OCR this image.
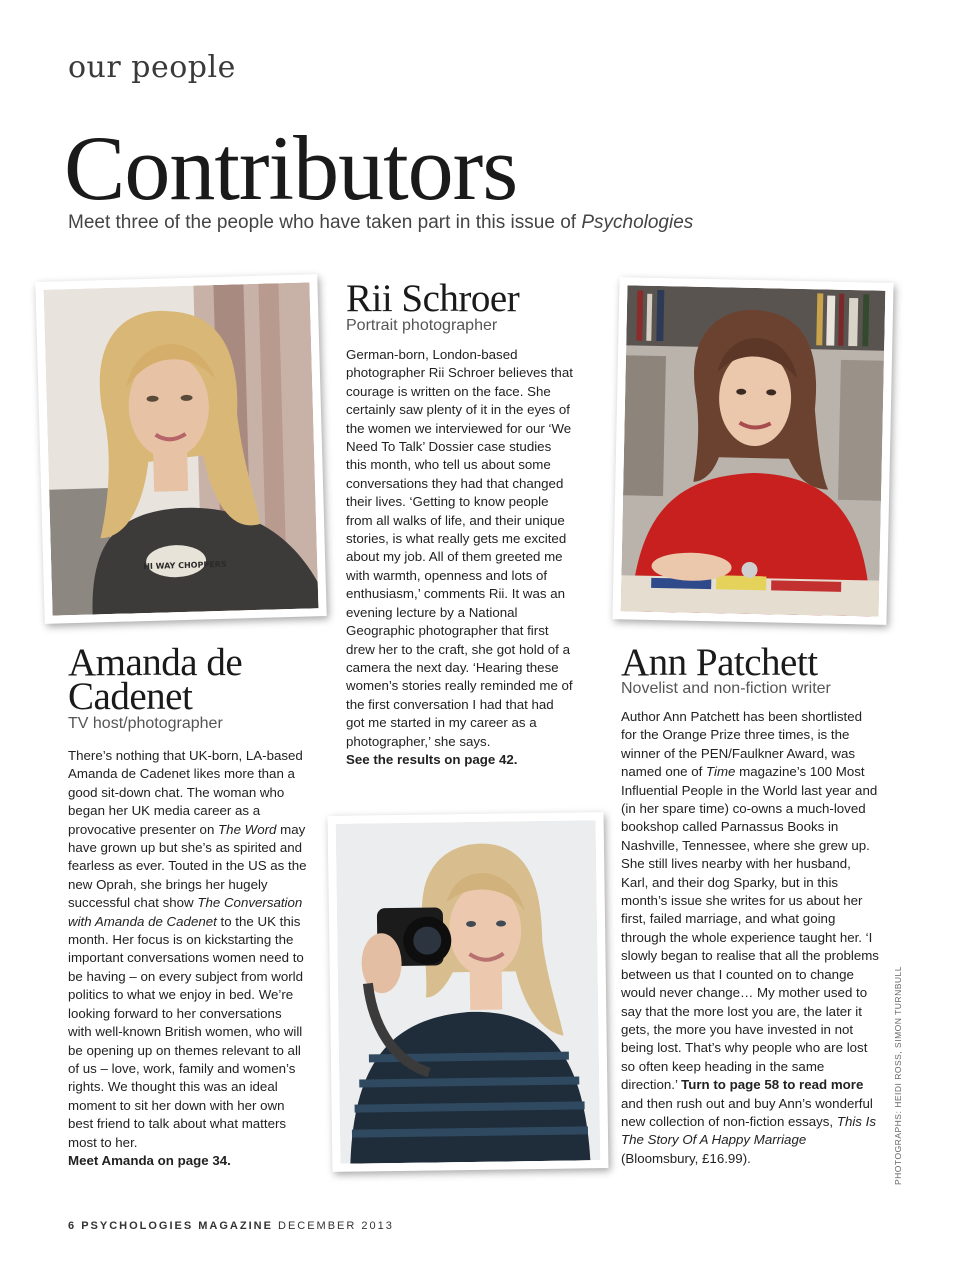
our people
Contributors
Meet three of the people who have taken part in this issue of Psychologies
HI WAY CHOPPERS
Amanda de
Cadenet
TV host/photographer

There’s nothing that UK-born, LA-based Amanda de Cadenet likes more than a good sit-down chat. The woman who began her UK media career as a provocative presenter on The Word may have grown up but she’s as spirited and fearless as ever. Touted in the US as the new Oprah, she brings her hugely successful chat show The Conversation with Amanda de Cadenet to the UK this month. Her focus is on kickstarting the important conversations women need to be having – on every subject from world politics to what we enjoy in bed. We’re looking forward to her conversations with well-known British women, who will be opening up on themes relevant to all of us – love, work, family and women’s rights. We thought this was an ideal moment to sit her down with her own best friend to talk about what matters most to her.

Meet Amanda on page 34.

Rii Schroer
Portrait photographer

German-born, London-based photographer Rii Schroer believes that courage is written on the face. She certainly saw plenty of it in the eyes of the women we interviewed for our ‘We Need To Talk’ Dossier case studies this month, who tell us about some conversations they had that changed their lives. ‘Getting to know people from all walks of life, and their unique stories, is what really gets me excited about my job. All of them greeted me with warmth, openness and lots of enthusiasm,’ comments Rii. It was an evening lecture by a National Geographic photographer that first drew her to the craft, she got hold of a camera the next day. ‘Hearing these women’s stories really reminded me of the first conversation I had that had got me started in my career as a photographer,’ she says.

See the results on page 42.

Ann Patchett
Novelist and non-fiction writer

Author Ann Patchett has been shortlisted for the Orange Prize three times, is the winner of the PEN/Faulkner Award, was named one of Time magazine’s 100 Most Influential People in the World last year and (in her spare time) co-owns a much-loved bookshop called Parnassus Books in Nashville, Tennessee, where she grew up. She still lives nearby with her husband, Karl, and their dog Sparky, but in this month’s issue she writes for us about her first, failed marriage, and what going through the whole experience taught her. ‘I slowly began to realise that all the problems between us that I counted on to change would never change… My mother used to say that the more lost you are, the later it gets, the more you have invested in not being lost. That’s why people who are lost so often keep heading in the same direction.’ Turn to page 58 to read more and then rush out and buy Ann’s wonderful new collection of non-fiction essays, This Is The Story Of A Happy Marriage (Bloomsbury, £16.99).	PHOTOGRAPHS: HEIDI ROSS, SIMON TURNBULL
6 PSYCHOLOGIES MAGAZINE DECEMBER 2013
